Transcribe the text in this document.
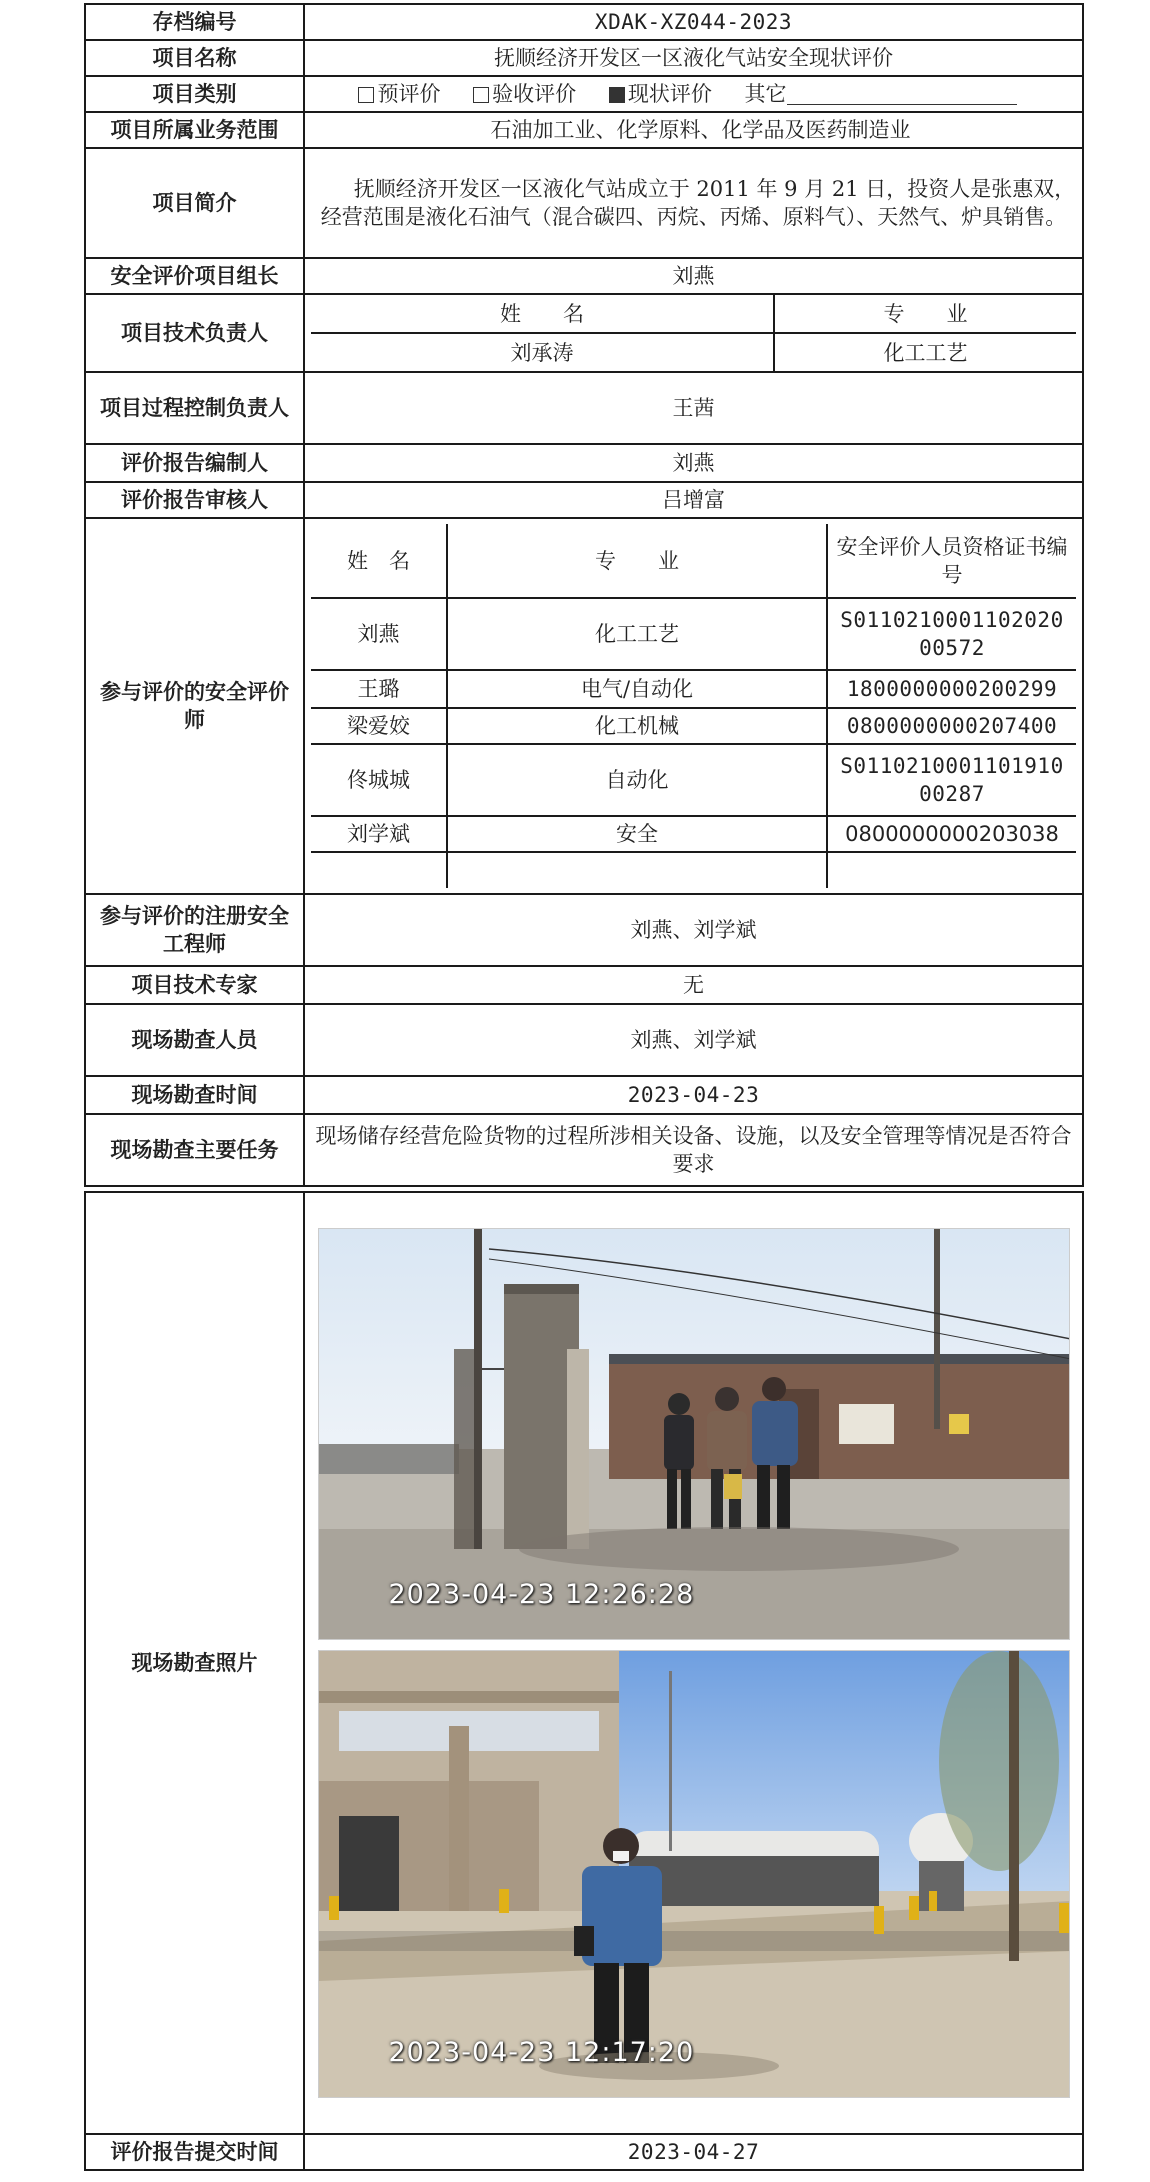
存档编号	XDAK-XZ044-2023
项目名称	抚顺经济开发区一区液化气站安全现状评价
项目类别	预评价 验收评价 现状评价 其它
项目所属业务范围	石油加工业、化学原料、化学品及医药制造业
项目简介	抚顺经济开发区一区液化气站成立于 2011 年 9 月 21 日，投资人是张惠双，经营范围是液化石油气（混合碳四、丙烷、丙烯、原料气）、天然气、炉具销售。
安全评价项目组长	刘燕
项目技术负责人	
姓　　名	专　　业
刘承涛	化工工艺

项目过程控制负责人	王茜
评价报告编制人	刘燕
评价报告审核人	吕增富
参与评价的安全评价师	
姓　名	专　　业	安全评价人员资格证书编号
刘燕	化工工艺	S011021000110202000572
王璐	电气/自动化	1800000000200299
梁爱姣	化工机械	0800000000207400
佟城城	自动化	S011021000110191000287
刘学斌	安全	0800000000203038

参与评价的注册安全工程师	刘燕、刘学斌
项目技术专家	无
现场勘查人员	刘燕、刘学斌
现场勘查时间	2023-04-23
现场勘查主要任务	现场储存经营危险货物的过程所涉相关设备、设施，以及安全管理等情况是否符合要求

现场勘查照片	
2023-04-23 12:26:28
2023-04-23 12:17:20

评价报告提交时间	2023-04-27
